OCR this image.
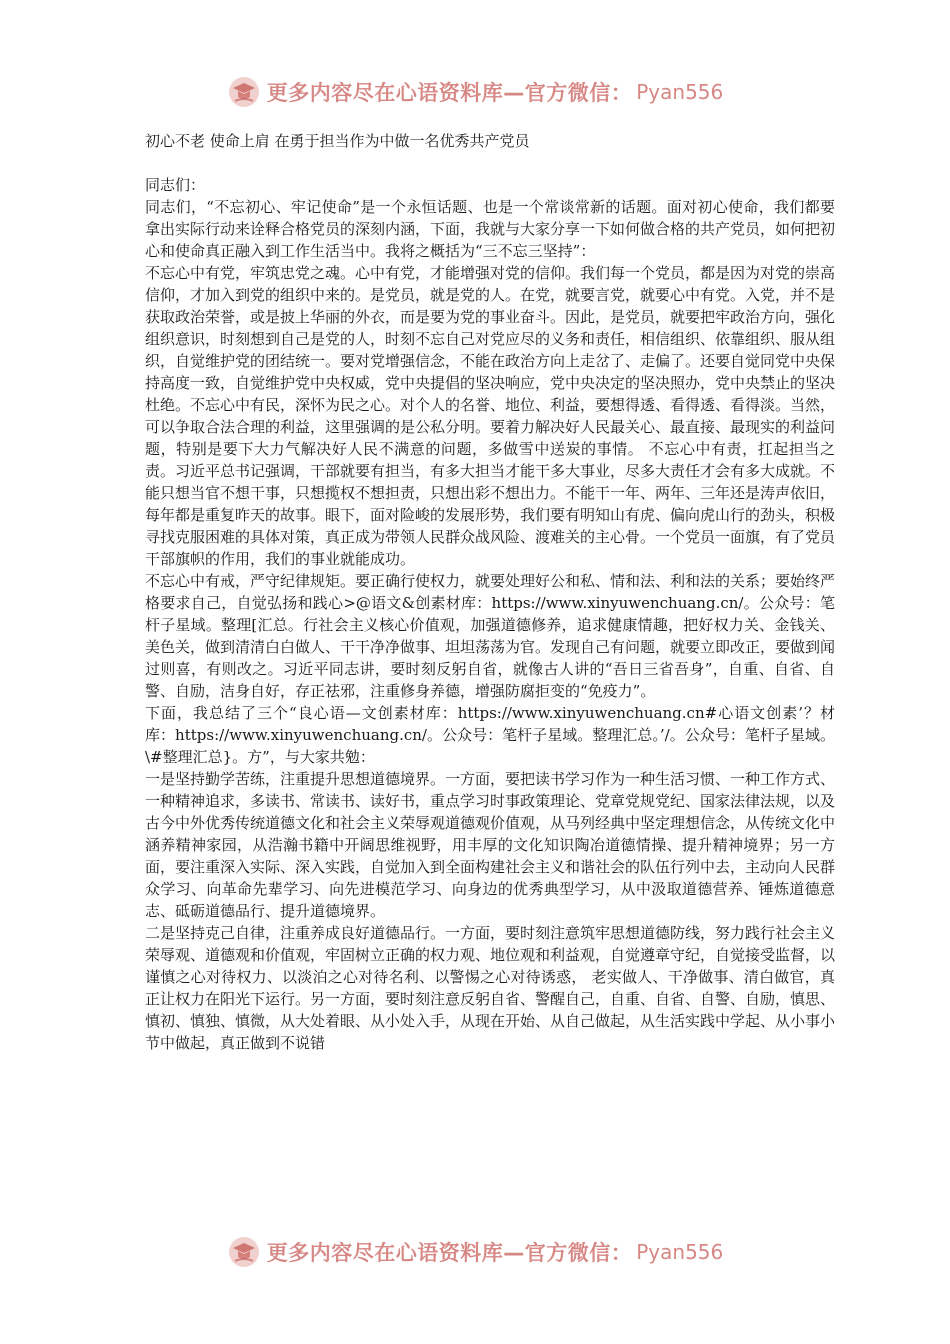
更多内容尽在心语资料库—官方微信： Pyan556

初心不老 使命上肩 在勇于担当作为中做一名优秀共产党员

同志们：

同志们，“不忘初心、牢记使命”是一个永恒话题、也是一个常谈常新的话题。面对初心使命，我们都要拿出实际行动来诠释合格党员的深刻内涵，下面，我就与大家分享一下如何做合格的共产党员，如何把初心和使命真正融入到工作生活当中。我将之概括为“三不忘三坚持”：

不忘心中有党，牢筑忠党之魂。心中有党，才能增强对党的信仰。我们每一个党员，都是因为对党的崇高信仰，才加入到党的组织中来的。是党员，就是党的人。在党，就要言党，就要心中有党。入党，并不是获取政治荣誉，或是披上华丽的外衣，而是要为党的事业奋斗。因此，是党员，就要把牢政治方向，强化组织意识，时刻想到自己是党的人，时刻不忘自己对党应尽的义务和责任，相信组织、依靠组织、服从组织，自觉维护党的团结统一。要对党增强信念，不能在政治方向上走岔了、走偏了。还要自觉同党中央保持高度一致，自觉维护党中央权威，党中央提倡的坚决响应，党中央决定的坚决照办，党中央禁止的坚决杜绝。不忘心中有民，深怀为民之心。对个人的名誉、地位、利益，要想得透、看得透、看得淡。当然，可以争取合法合理的利益，这里强调的是公私分明。要着力解决好人民最关心、最直接、最现实的利益问题，特别是要下大力气解决好人民不满意的问题，多做雪中送炭的事情。 不忘心中有责，扛起担当之责。习近平总书记强调，干部就要有担当，有多大担当才能干多大事业，尽多大责任才会有多大成就。不能只想当官不想干事，只想揽权不想担责，只想出彩不想出力。不能干一年、两年、三年还是涛声依旧，每年都是重复昨天的故事。眼下，面对险峻的发展形势，我们要有明知山有虎、偏向虎山行的劲头，积极寻找克服困难的具体对策，真正成为带领人民群众战风险、渡难关的主心骨。一个党员一面旗，有了党员干部旗帜的作用，我们的事业就能成功。

不忘心中有戒，严守纪律规矩。要正确行使权力，就要处理好公和私、情和法、利和法的关系；要始终严格要求自己，自觉弘扬和践心>@语文&创素材库：https://www.xinyuwenchuang.cn/。公众号：笔杆子星域。整理[汇总。行社会主义核心价值观，加强道德修养，追求健康情趣，把好权力关、金钱关、美色关，做到清清白白做人、干干净净做事、坦坦荡荡为官。发现自己有问题，就要立即改正，要做到闻过则喜，有则改之。习近平同志讲，要时刻反躬自省，就像古人讲的“吾日三省吾身”，自重、自省、自警、自励，洁身自好，存正祛邪，注重修身养德，增强防腐拒变的“免疫力”。

下面，我总结了三个“良心语—文创素材库：https://www.xinyuwenchuang.cn#心语文创素’？材库：https://www.xinyuwenchuang.cn/。公众号：笔杆子星域。整理汇总。’/。公众号：笔杆子星域。\#整理汇总}。方”，与大家共勉：

一是坚持勤学苦练，注重提升思想道德境界。一方面，要把读书学习作为一种生活习惯、一种工作方式、一种精神追求，多读书、常读书、读好书，重点学习时事政策理论、党章党规党纪、国家法律法规，以及古今中外优秀传统道德文化和社会主义荣辱观道德观价值观，从马列经典中坚定理想信念，从传统文化中涵养精神家园，从浩瀚书籍中开阔思维视野，用丰厚的文化知识陶冶道德情操、提升精神境界；另一方面，要注重深入实际、深入实践，自觉加入到全面构建社会主义和谐社会的队伍行列中去，主动向人民群众学习、向革命先辈学习、向先进模范学习、向身边的优秀典型学习，从中汲取道德营养、锤炼道德意志、砥砺道德品行、提升道德境界。

二是坚持克己自律，注重养成良好道德品行。一方面，要时刻注意筑牢思想道德防线，努力践行社会主义荣辱观、道德观和价值观，牢固树立正确的权力观、地位观和利益观，自觉遵章守纪，自觉接受监督，以谨慎之心对待权力、以淡泊之心对待名利、以警惕之心对待诱惑， 老实做人、干净做事、清白做官，真正让权力在阳光下运行。另一方面，要时刻注意反躬自省、警醒自己，自重、自省、自警、自励，慎思、慎初、慎独、慎微，从大处着眼、从小处入手，从现在开始、从自己做起，从生活实践中学起、从小事小节中做起，真正做到不说错

更多内容尽在心语资料库—官方微信： Pyan556
